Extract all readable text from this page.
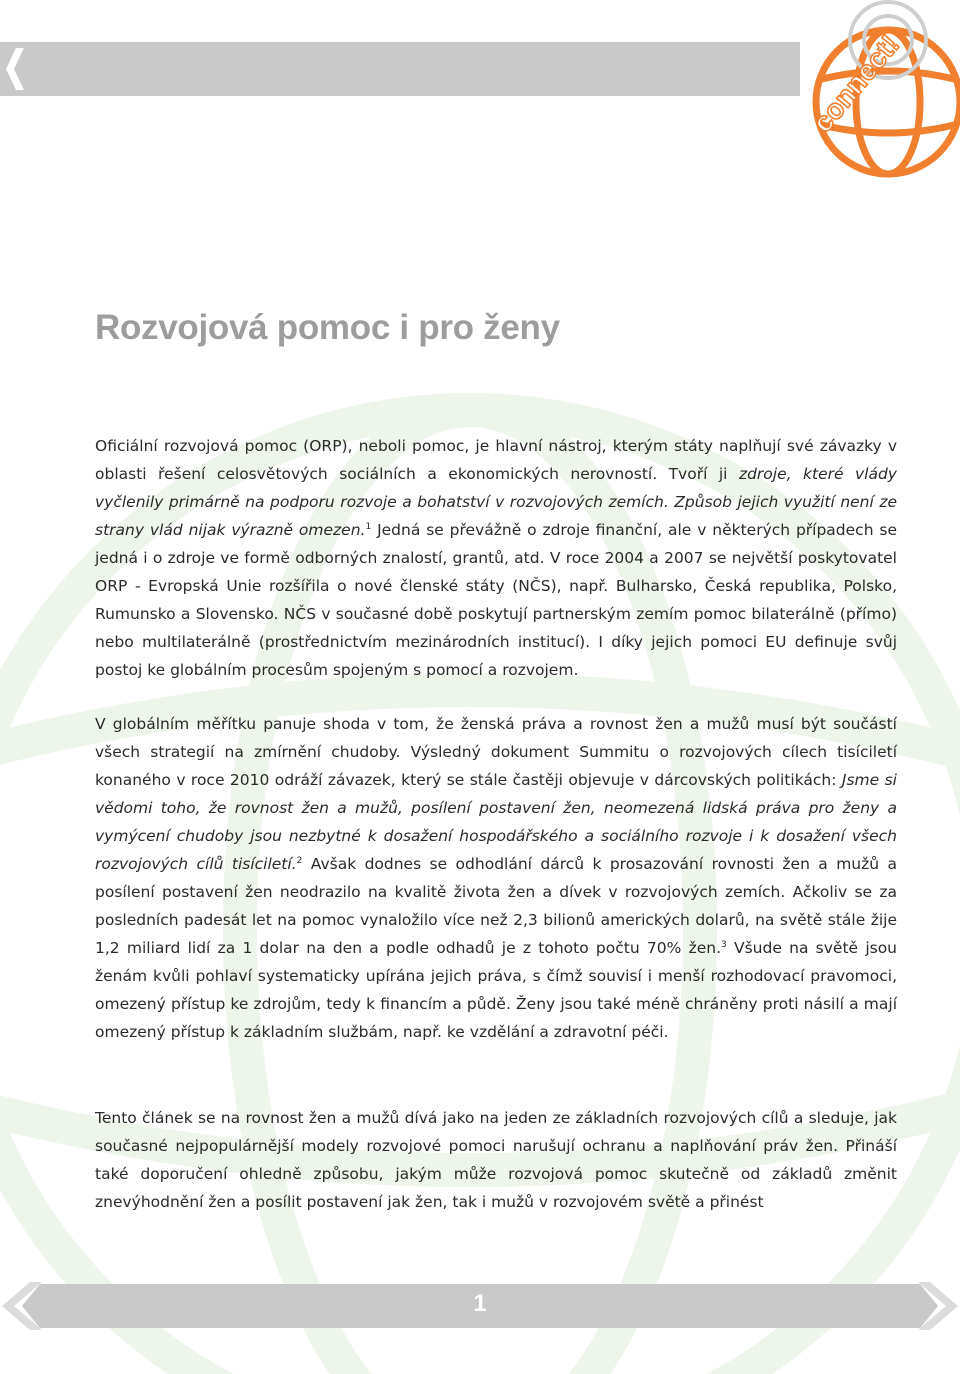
connect!
Rozvojová pomoc i pro ženy

Oficiální rozvojová pomoc (ORP), neboli pomoc, je hlavní nástroj, kterým státy naplňují své závazky v oblasti řešení celosvětových sociálních a ekonomických nerovností. Tvoří ji zdroje, které vlády vyčlenily primárně na podporu rozvoje a bohatství v rozvojových zemích. Způsob jejich využití není ze strany vlád nijak výrazně omezen.$^1$ Jedná se převážně o zdroje finanční, ale v některých případech se jedná i o zdroje ve formě odborných znalostí, grantů, atd. V roce 2004 a 2007 se největší poskytovatel ORP - Evropská Unie rozšířila o nové členské státy (NČS), např. Bulharsko, Česká republika, Polsko, Rumunsko a Slovensko. NČS v současné době poskytují partnerským zemím pomoc bilaterálně (přímo) nebo multilaterálně (prostřednictvím mezinárodních institucí). I díky jejich pomoci EU definuje svůj postoj ke globálním procesům spojeným s pomocí a rozvojem.

V globálním měřítku panuje shoda v tom, že ženská práva a rovnost žen a mužů musí být součástí všech strategií na zmírnění chudoby. Výsledný dokument Summitu o rozvojových cílech tisíciletí konaného v roce 2010 odráží závazek, který se stále častěji objevuje v dárcovských politikách: Jsme si vědomi toho, že rovnost žen a mužů, posílení postavení žen, neomezená lidská práva pro ženy a vymýcení chudoby jsou nezbytné k dosažení hospodářského a sociálního rozvoje i k dosažení všech rozvojových cílů tisíciletí.$^2$ Avšak dodnes se odhodlání dárců k prosazování rovnosti žen a mužů a posílení postavení žen neodrazilo na kvalitě života žen a dívek v rozvojových zemích. Ačkoliv se za posledních padesát let na pomoc vynaložilo více než 2,3 bilionů amerických dolarů, na světě stále žije 1,2 miliard lidí za 1 dolar na den a podle odhadů je z tohoto počtu 70% žen.$^3$ Všude na světě jsou ženám kvůli pohlaví systematicky upírána jejich práva, s čímž souvisí i menší rozhodovací pravomoci, omezený přístup ke zdrojům, tedy k financím a půdě. Ženy jsou také méně chráněny proti násilí a mají omezený přístup k základním službám, např. ke vzdělání a zdravotní péči.

Tento článek se na rovnost žen a mužů dívá jako na jeden ze základních rozvojových cílů a sleduje, jak současné nejpopulárnější modely rozvojové pomoci narušují ochranu a naplňování práv žen. Přináší také doporučení ohledně způsobu, jakým může rozvojová pomoc skutečně od základů změnit znevýhodnění žen a posílit postavení jak žen, tak i mužů v rozvojovém světě a přinést

1
